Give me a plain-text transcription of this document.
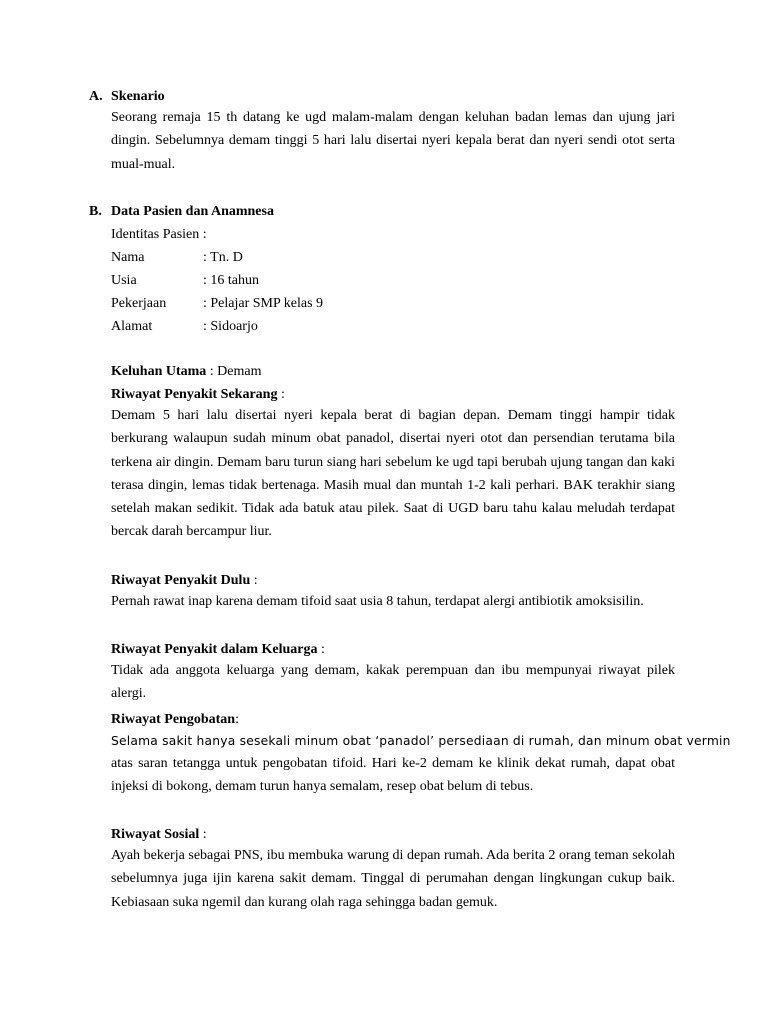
A. Skenario

Seorang remaja 15 th datang ke ugd malam-malam dengan keluhan badan lemas dan ujung jari dingin. Sebelumnya demam tinggi 5 hari lalu disertai nyeri kepala berat dan nyeri sendi otot serta mual-mual.

B. Data Pasien dan Anamnesa
Identitas Pasien :
Nama	: Tn. D
Usia	: 16 tahun
Pekerjaan	: Pelajar SMP kelas 9
Alamat	: Sidoarjo
Keluhan Utama : Demam
Riwayat Penyakit Sekarang :

Demam 5 hari lalu disertai nyeri kepala berat di bagian depan. Demam tinggi hampir tidak berkurang walaupun sudah minum obat panadol, disertai nyeri otot dan persendian terutama bila terkena air dingin. Demam baru turun siang hari sebelum ke ugd tapi berubah ujung tangan dan kaki terasa dingin, lemas tidak bertenaga. Masih mual dan muntah 1-2 kali perhari. BAK terakhir siang setelah makan sedikit. Tidak ada batuk atau pilek. Saat di UGD baru tahu kalau meludah terdapat bercak darah bercampur liur.

Riwayat Penyakit Dulu :

Pernah rawat inap karena demam tifoid saat usia 8 tahun, terdapat alergi antibiotik amoksisilin.

Riwayat Penyakit dalam Keluarga :

Tidak ada anggota keluarga yang demam, kakak perempuan dan ibu mempunyai riwayat pilek alergi.

Riwayat Pengobatan:
Selama sakit hanya sesekali minum obat ‘panadol’ persediaan di rumah, dan minum obat vermin

atas saran tetangga untuk pengobatan tifoid. Hari ke-2 demam ke klinik dekat rumah, dapat obat injeksi di bokong, demam turun hanya semalam, resep obat belum di tebus.

Riwayat Sosial :

Ayah bekerja sebagai PNS, ibu membuka warung di depan rumah. Ada berita 2 orang teman sekolah sebelumnya juga ijin karena sakit demam. Tinggal di perumahan dengan lingkungan cukup baik. Kebiasaan suka ngemil dan kurang olah raga sehingga badan gemuk.
